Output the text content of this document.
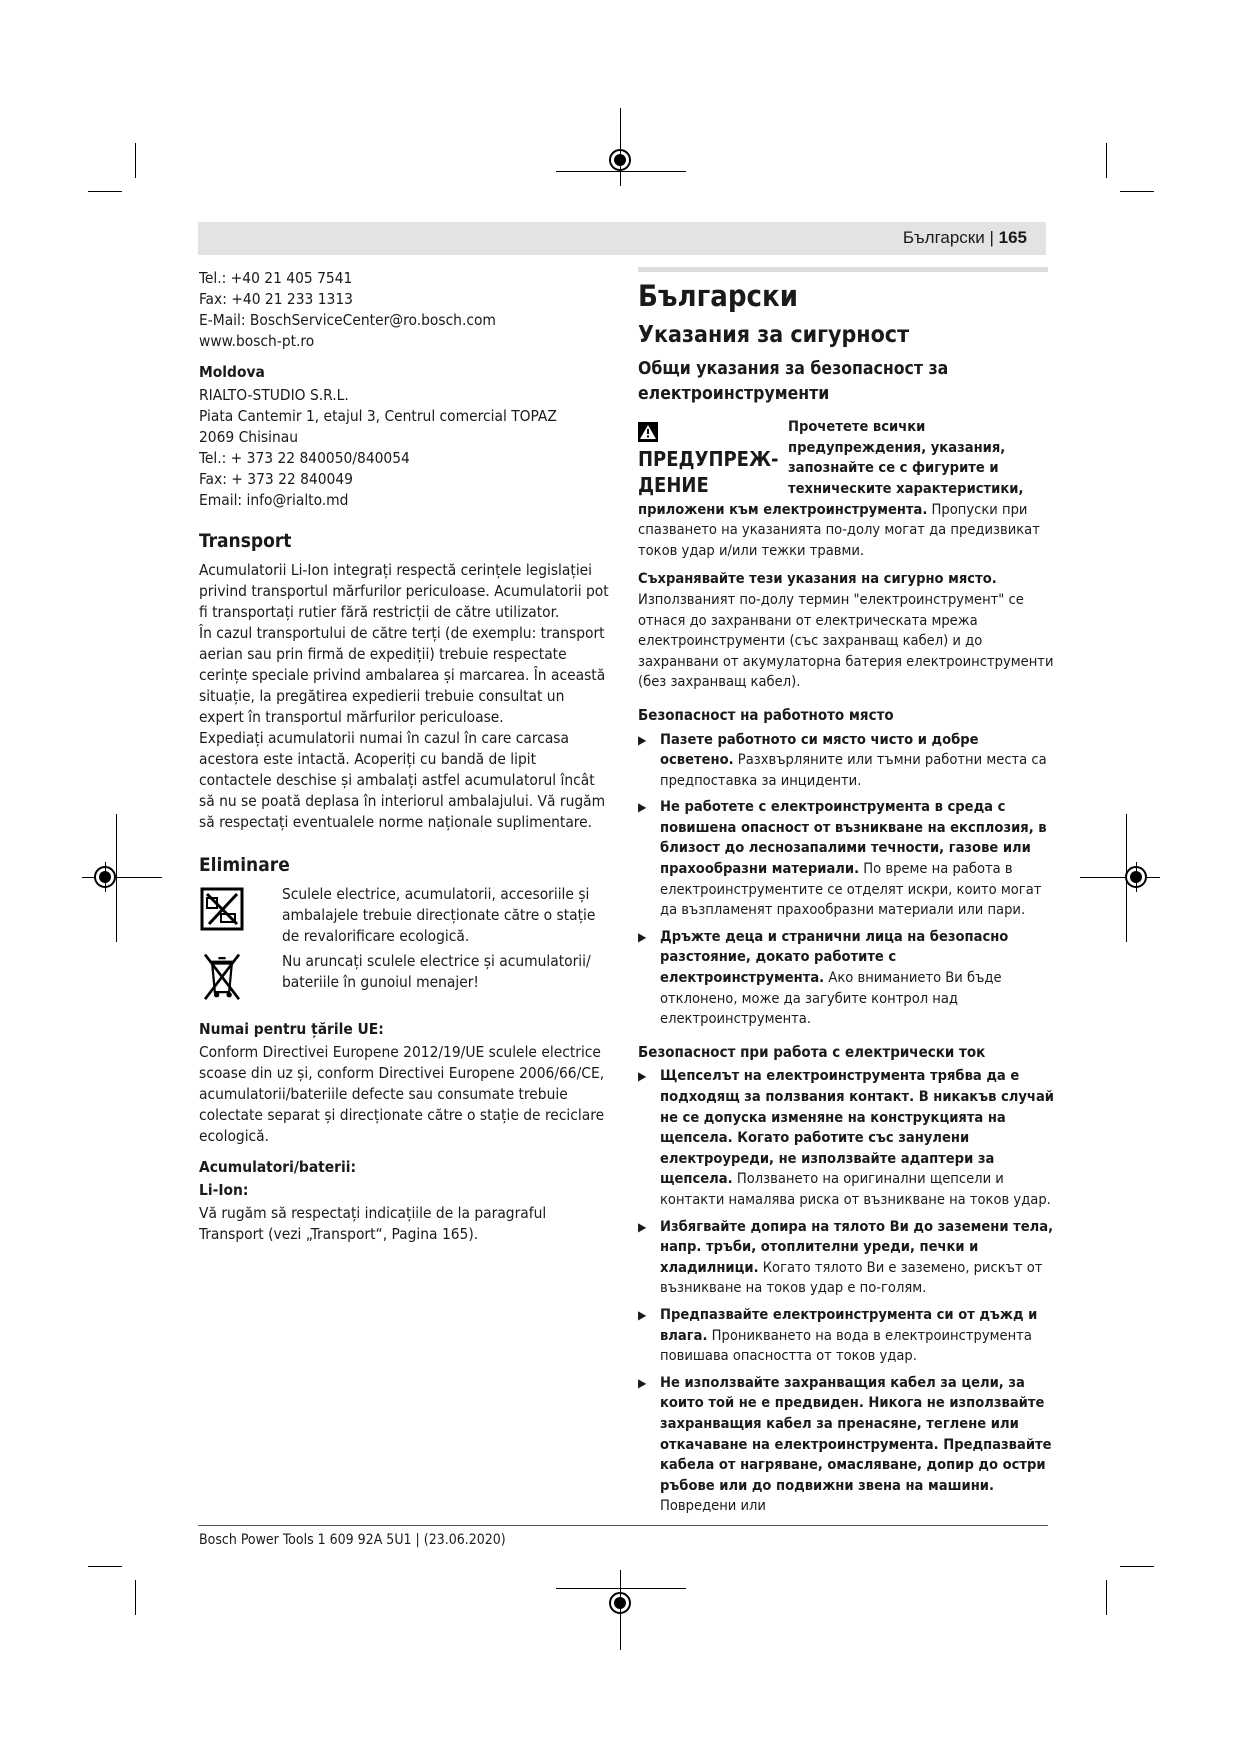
Български | 165

Tel.: +40 21 405 7541

Fax: +40 21 233 1313

E-Mail: BoschServiceCenter@ro.bosch.com

www.bosch-pt.ro

Moldova

RIALTO-STUDIO S.R.L.

Piata Cantemir 1, etajul 3, Centrul comercial TOPAZ

2069 Chisinau

Tel.: + 373 22 840050/840054

Fax: + 373 22 840049

Email: info@rialto.md

Transport

Acumulatorii Li-Ion integrați respectă cerințele legislației privind transportul mărfurilor periculoase. Acumulatorii pot fi transportați rutier fără restricții de către utilizator.

În cazul transportului de către terți (de exemplu: transport aerian sau prin firmă de expediții) trebuie respectate cerințe speciale privind ambalarea și marcarea. În această situație, la pregătirea expedierii trebuie consultat un expert în transportul mărfurilor periculoase.

Expediați acumulatorii numai în cazul în care carcasa acestora este intactă. Acoperiți cu bandă de lipit contactele deschise și ambalați astfel acumulatorul încât să nu se poată deplasa în interiorul ambalajului. Vă rugăm să respectați eventualele norme naționale suplimentare.

Eliminare

Sculele electrice, acumulatorii, accesoriile și ambalajele trebuie direcționate către o stație de revalorificare ecologică.

Nu aruncați sculele electrice și acumulatorii/ bateriile în gunoiul menajer!

Numai pentru țările UE:

Conform Directivei Europene 2012/19/UE sculele electrice scoase din uz și, conform Directivei Europene 2006/66/CE, acumulatorii/bateriile defecte sau consumate trebuie colectate separat și direcționate către o stație de reciclare ecologică.

Acumulatori/baterii:

Li-Ion:

Vă rugăm să respectați indicațiile de la paragraful Transport (vezi „Transport“, Pagina 165).

Български

Указания за сигурност

Общи указания за безопасност за електроинструменти

ПРЕДУПРЕЖ-ДЕНИЕ

Прочетете всички предупреждения, указания, запознайте се с фигурите и техническите характеристики, приложени към електроинструмента. Пропуски при спазването на указанията по-долу могат да предизвикат токов удар и/или тежки травми.

Съхранявайте тези указания на сигурно място.

Използваният по-долу термин "електроинструмент" се отнася до захранвани от електрическата мрежа електроинструменти (със захранващ кабел) и до захранвани от акумулаторна батерия електроинструменти (без захранващ кабел).

Безопасност на работното място

▶ Пазете работното си място чисто и добре осветено. Разхвърляните или тъмни работни места са предпоставка за инциденти.
▶ Не работете с електроинструмента в среда с повишена опасност от възникване на експлозия, в близост до леснозапалими течности, газове или прахообразни материали. По време на работа в електроинструментите се отделят искри, които могат да възпламенят прахообразни материали или пари.
▶ Дръжте деца и странични лица на безопасно разстояние, докато работите с електроинструмента. Ако вниманието Ви бъде отклонено, може да загубите контрол над електроинструмента.

Безопасност при работа с електрически ток

▶ Щепселът на електроинструмента трябва да е подходящ за ползвания контакт. В никакъв случай не се допуска изменяне на конструкцията на щепсела. Когато работите със занулени електроуреди, не използвайте адаптери за щепсела. Ползването на оригинални щепсели и контакти намалява риска от възникване на токов удар.
▶ Избягвайте допира на тялото Ви до заземени тела, напр. тръби, отоплителни уреди, печки и хладилници. Когато тялото Ви е заземено, рискът от възникване на токов удар е по-голям.
▶ Предпазвайте електроинструмента си от дъжд и влага. Проникването на вода в електроинструмента повишава опасността от токов удар.
▶ Не използвайте захранващия кабел за цели, за които той не е предвиден. Никога не използвайте захранващия кабел за пренасяне, теглене или откачаване на електроинструмента. Предпазвайте кабела от нагряване, омасляване, допир до остри ръбове или до подвижни звена на машини. Повредени или
Bosch Power Tools 1 609 92A 5U1 | (23.06.2020)
